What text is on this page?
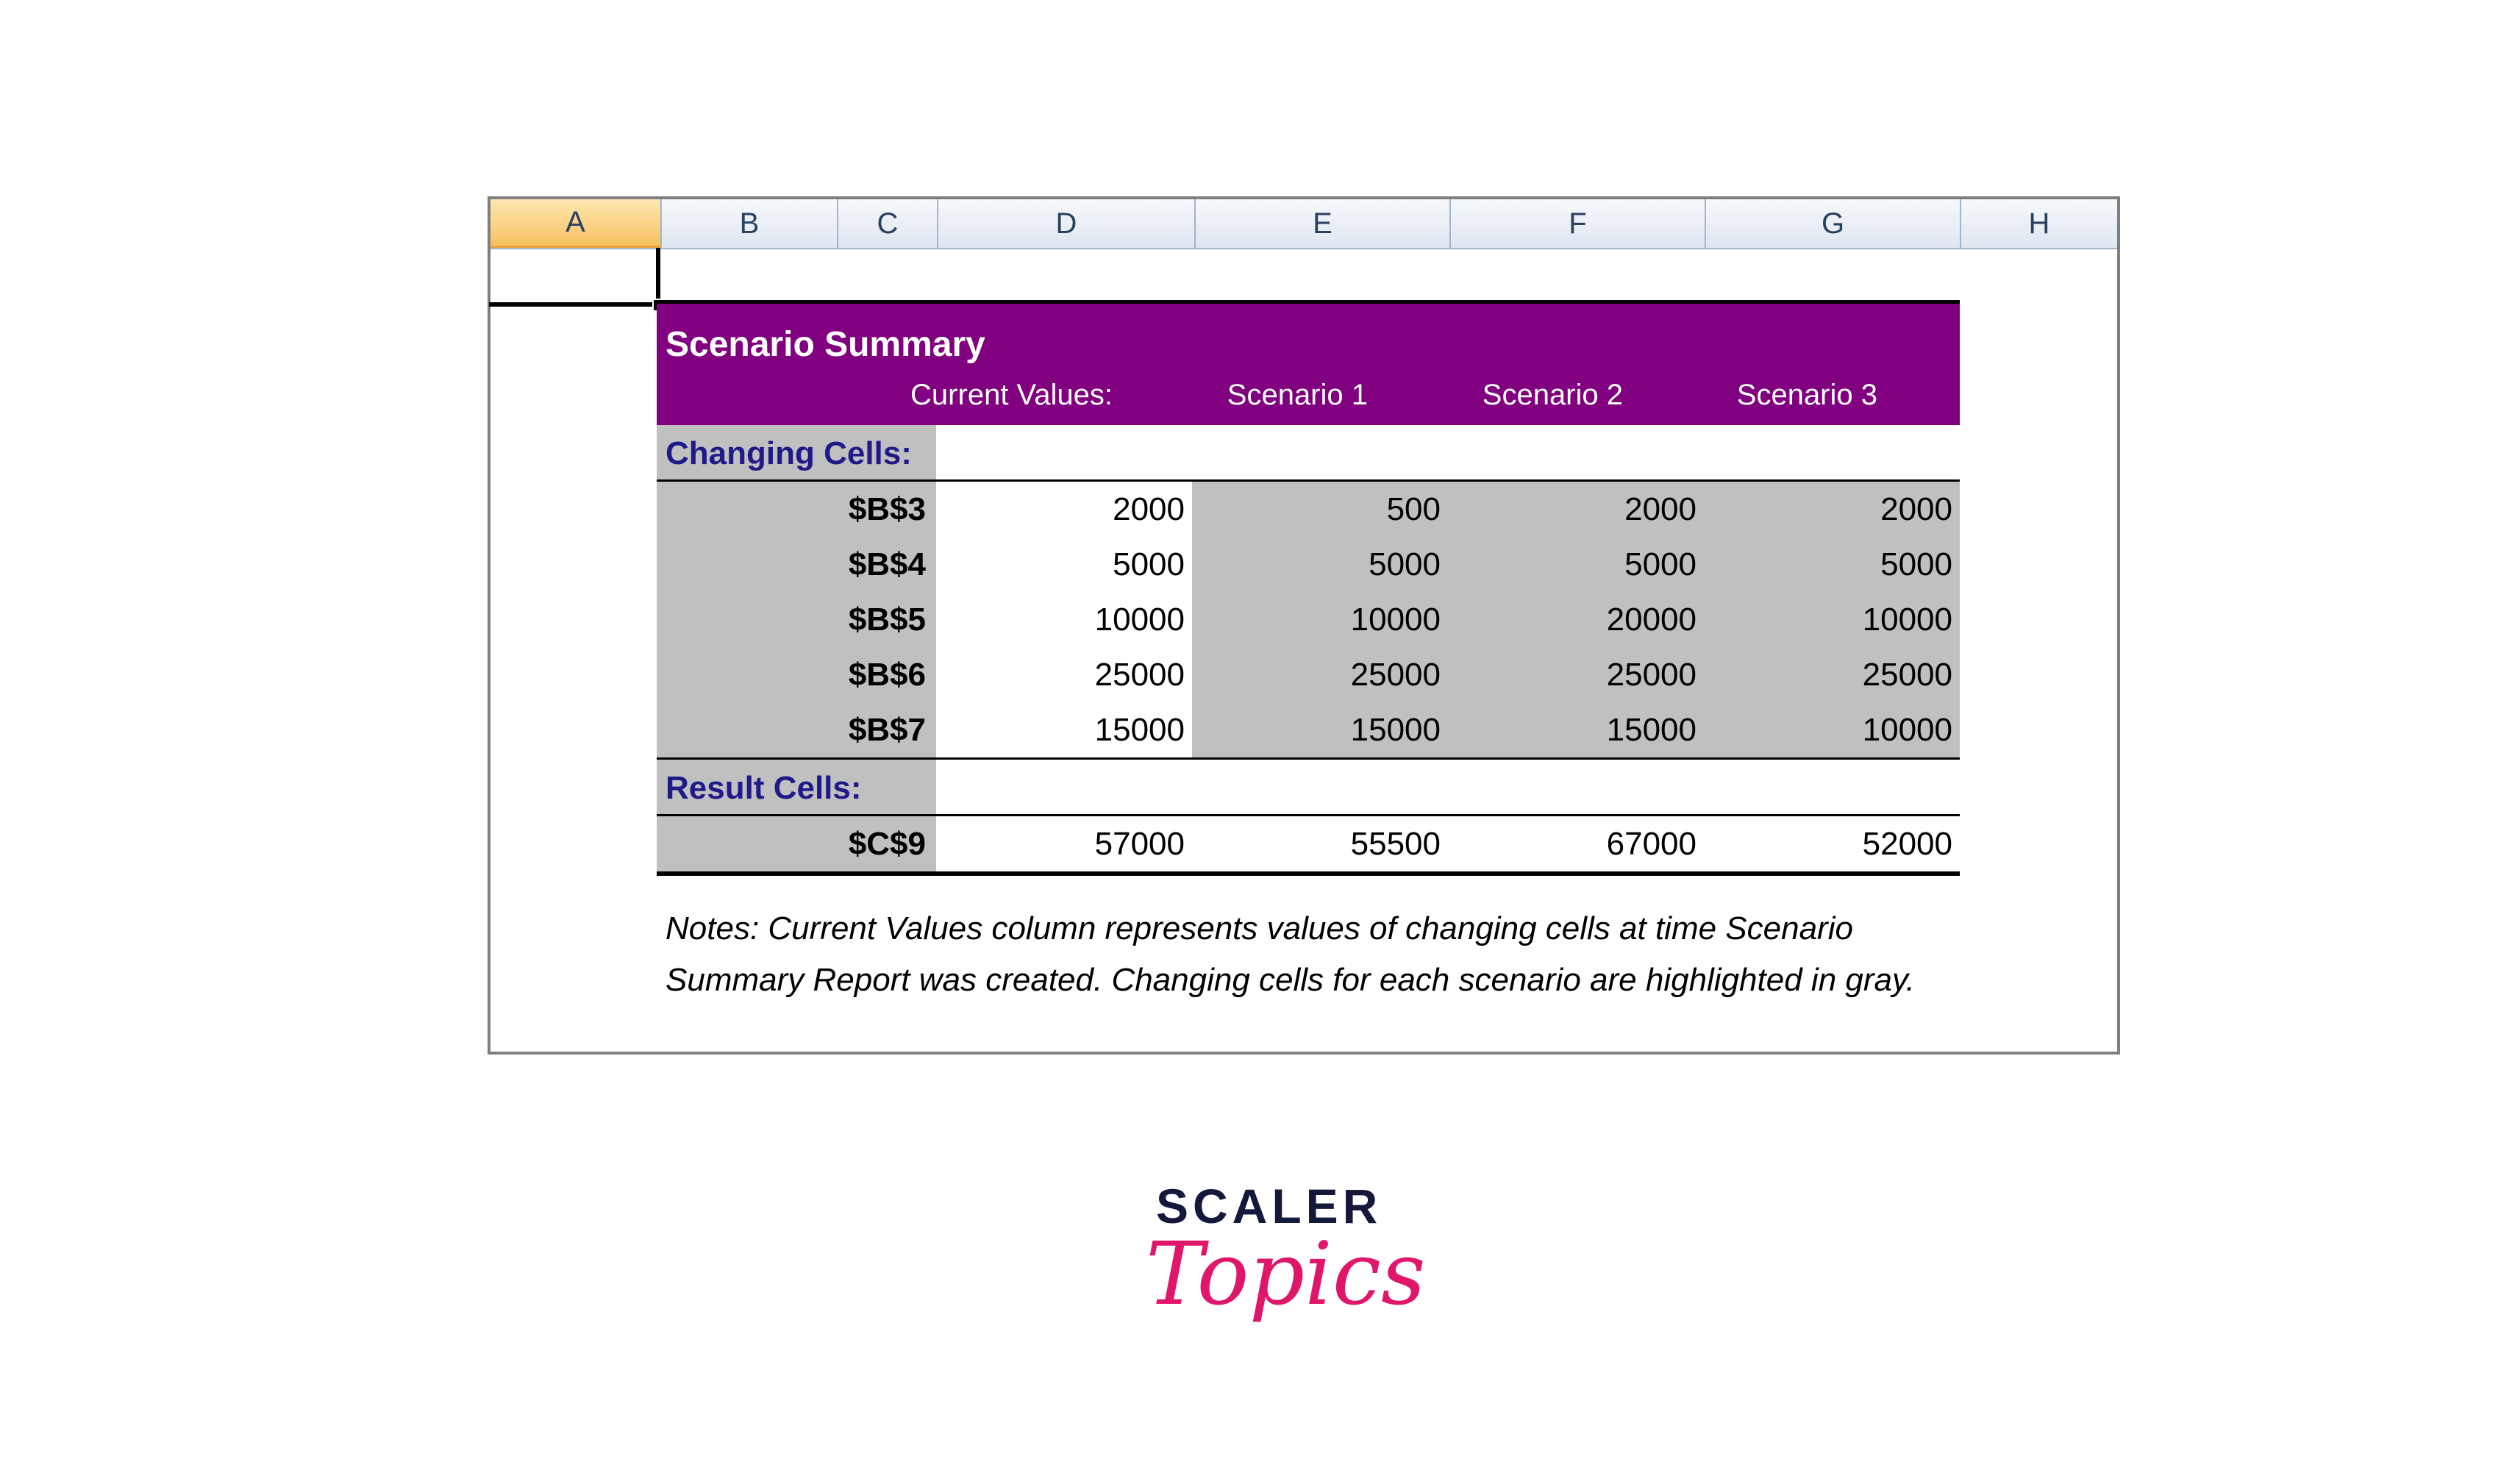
A	B	C	D	E	F	G	H
Scenario Summary
Current Values:	Scenario 1	Scenario 2	Scenario 3
Changing Cells:
$B$3	2000	500	2000	2000
$B$4	5000	5000	5000	5000
$B$5	10000	10000	20000	10000
$B$6	25000	25000	25000	25000
$B$7	15000	15000	15000	10000
Result Cells:
$C$9	57000	55500	67000	52000
Notes: Current Values column represents values of changing cells at time Scenario
Summary Report was created. Changing cells for each scenario are highlighted in gray.
SCALER
Topics
